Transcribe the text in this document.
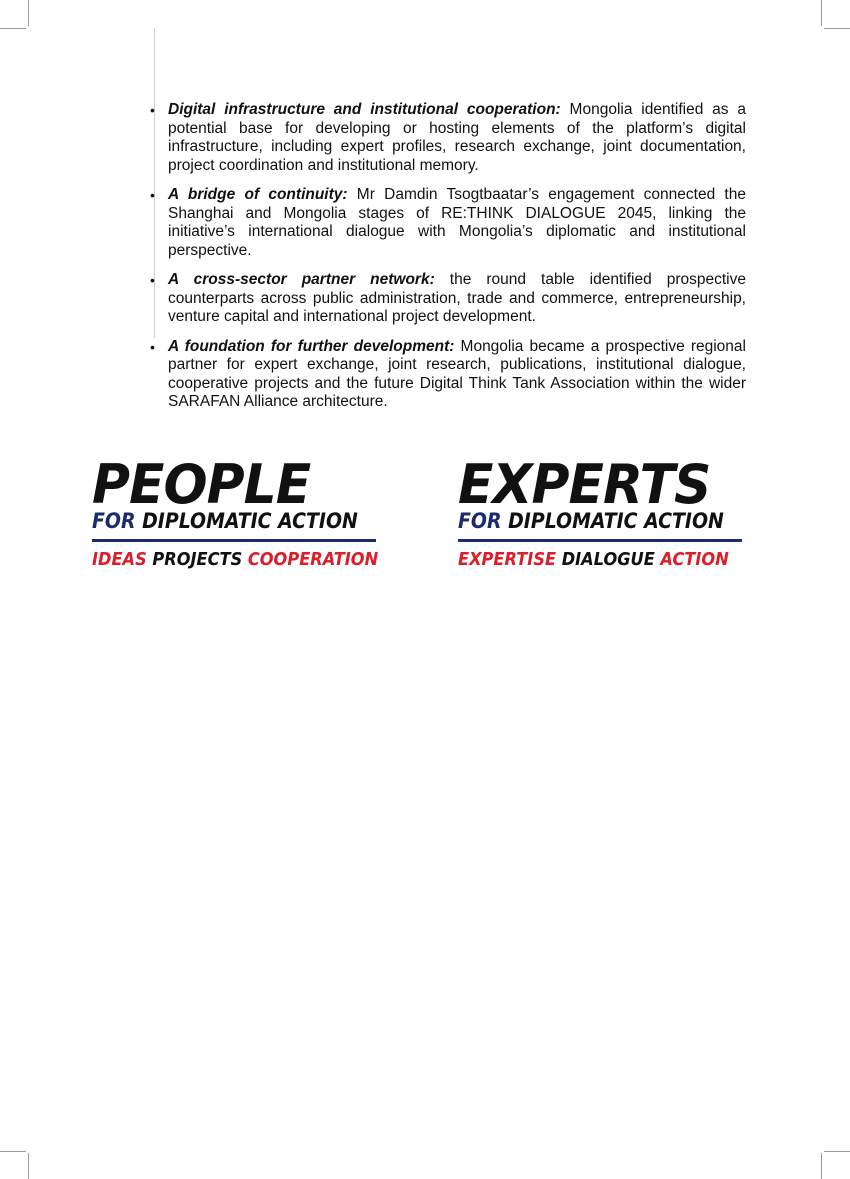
• Digital infrastructure and institutional cooperation: Mongolia identified as a potential base for developing or hosting elements of the platform’s digital infrastructure, including expert profiles, research exchange, joint documentation, project coordination and institutional memory.
• A bridge of continuity: Mr Damdin Tsogtbaatar’s engagement connected the Shanghai and Mongolia stages of RE:THINK DIALOGUE 2045, linking the initiative’s international dialogue with Mongolia’s diplomatic and institutional perspective.
• A cross-sector partner network: the round table identified prospective counterparts across public administration, trade and commerce, entrepreneurship, venture capital and international project development.
• A foundation for further development: Mongolia became a prospective regional partner for expert exchange, joint research, publications, institutional dialogue, cooperative projects and the future Digital Think Tank Association within the wider SARAFAN Alliance architecture.
PEOPLE
FOR DIPLOMATIC ACTION
IDEAS PROJECTS COOPERATION
EXPERTS
FOR DIPLOMATIC ACTION
EXPERTISE DIALOGUE ACTION
